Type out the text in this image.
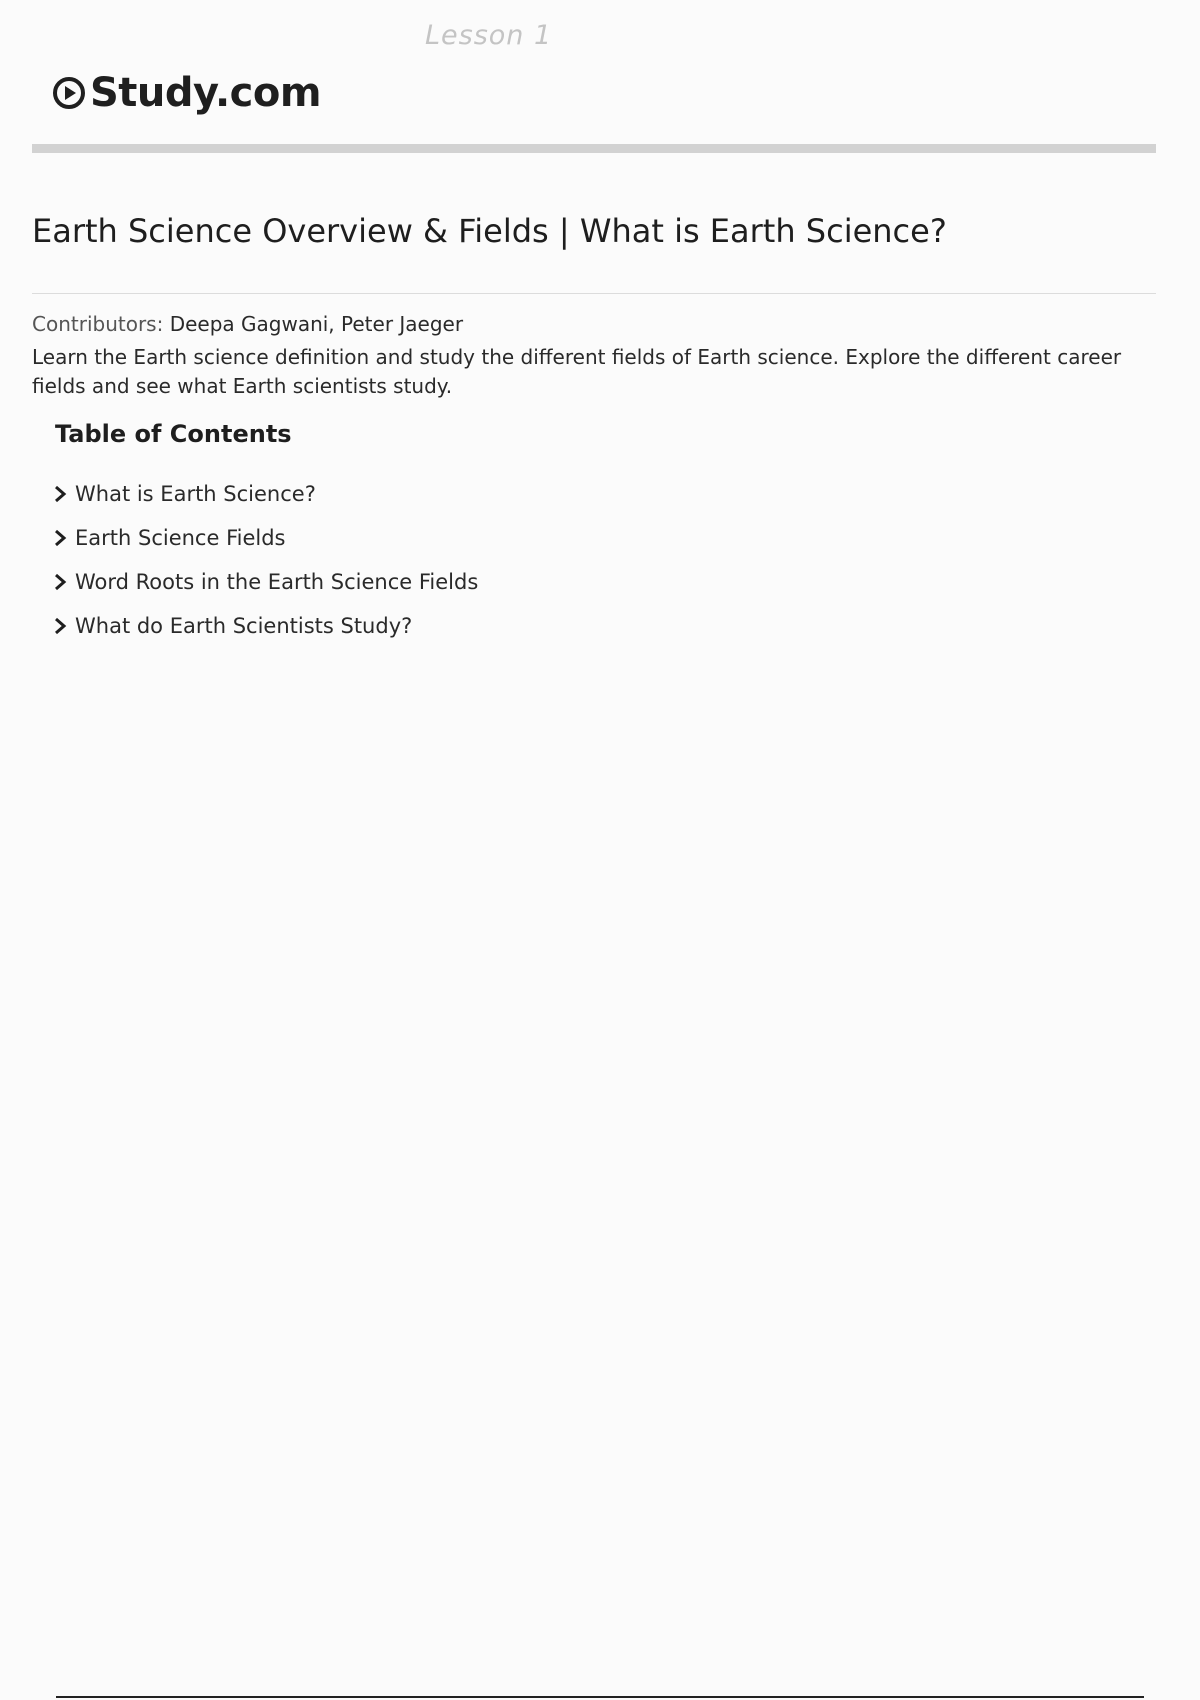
Lesson 1
Study.com
Earth Science Overview & Fields | What is Earth Science?
Contributors: Deepa Gagwani, Peter Jaeger

Learn the Earth science definition and study the different fields of Earth science. Explore the different career fields and see what Earth scientists study.

Table of Contents
What is Earth Science?
Earth Science Fields
Word Roots in the Earth Science Fields
What do Earth Scientists Study?
